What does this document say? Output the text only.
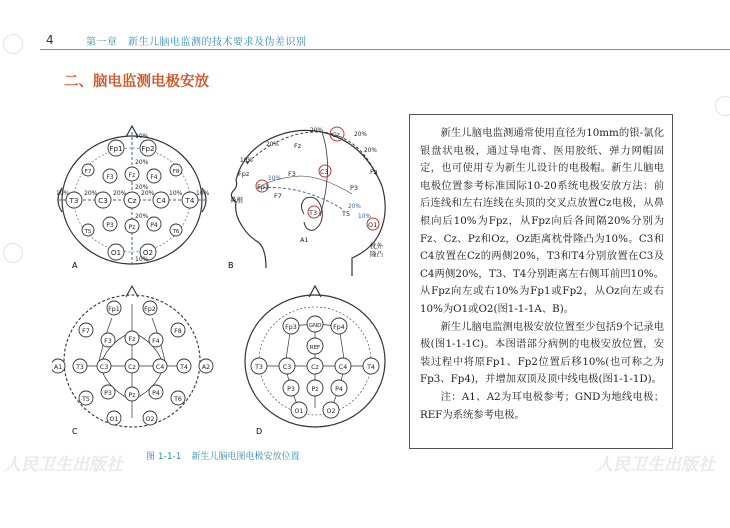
人民卫生出版社	人民卫生出版社
4	第一章　新生儿脑电监测的技术要求及伪差识别
二、脑电监测电极安放
Fp1	Fp2
F7
F3	Fz	F4
F8
T3	C3	Cz	C4	T4
T5
P3 Pz P4
T6
O1	O2
10%
20%
20%
20%
10%
10%	10%
20%	20% 20% 10%
A
Cz
Fz
Pz
C3
F3
P3
Fp1
Fpz
F7
T3	T5
O1
A1
20%
20%
20%
20%
10%
20%
10%
10%
鼻根
枕外
隆凸
B
F7
Fp1	Fp2
F8
F3	Fz	F4
A1 T3	C3	Cz	C4	T4 A2
P3	Pz	P4
T5	T6
O1	O2
C
Fp3 GND Fp4
REF
T3	C3	Cz	C4	T4
P3	Pz	P4
O1	O2
D
图 1-1-1 新生儿脑电图电极安放位置

新生儿脑电监测通常使用直径为10mm的银-氯化银盘状电极，通过导电膏、医用胶纸、弹力网帽固定，也可使用专为新生儿设计的电极帽。新生儿脑电电极位置参考标准国际10-20系统电极安放方法：前后连线和左右连线在头顶的交叉点放置Cz电极，从鼻根向后10%为Fpz，从Fpz向后各间隔20%分别为Fz、Cz、Pz和Oz，Oz距离枕骨隆凸为10%。C3和C4放置在Cz的两侧20%，T3和T4分别放置在C3及C4两侧20%，T3、T4分别距离左右侧耳前凹10%。从Fpz向左或右10%为Fp1或Fp2，从Oz向左或右10%为O1或O2(图1-1-1A、B)。

新生儿脑电监测电极安放位置至少包括9个记录电极(图1-1-1C)。本图谱部分病例的电极安放位置，安装过程中将原Fp1、Fp2位置后移10%(也可称之为Fp3、Fp4)，并增加双顶及顶中线电极(图1-1-1D)。

注：A1、A2为耳电极参考；GND为地线电极；REF为系统参考电极。
